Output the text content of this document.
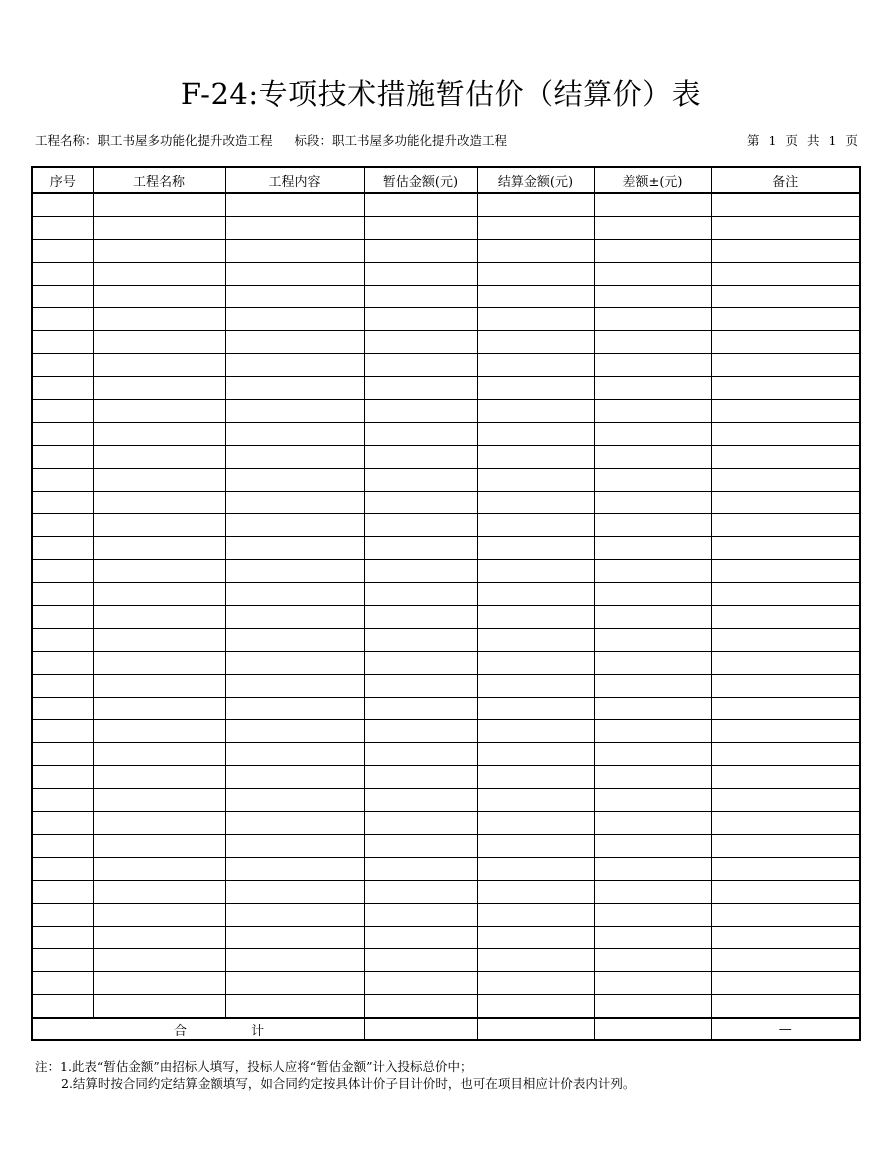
F-24:专项技术措施暂估价（结算价）表
工程名称：职工书屋多功能化提升改造工程 标段：职工书屋多功能化提升改造工程	第 1 页 共 1 页
序号	工程名称	工程内容	暂估金额(元)	结算金额(元)	差额±(元)	备注

合 计						—
注：1.此表“暂估金额”由招标人填写，投标人应将“暂估金额”计入投标总价中；
2.结算时按合同约定结算金额填写，如合同约定按具体计价子目计价时，也可在项目相应计价表内计列。
